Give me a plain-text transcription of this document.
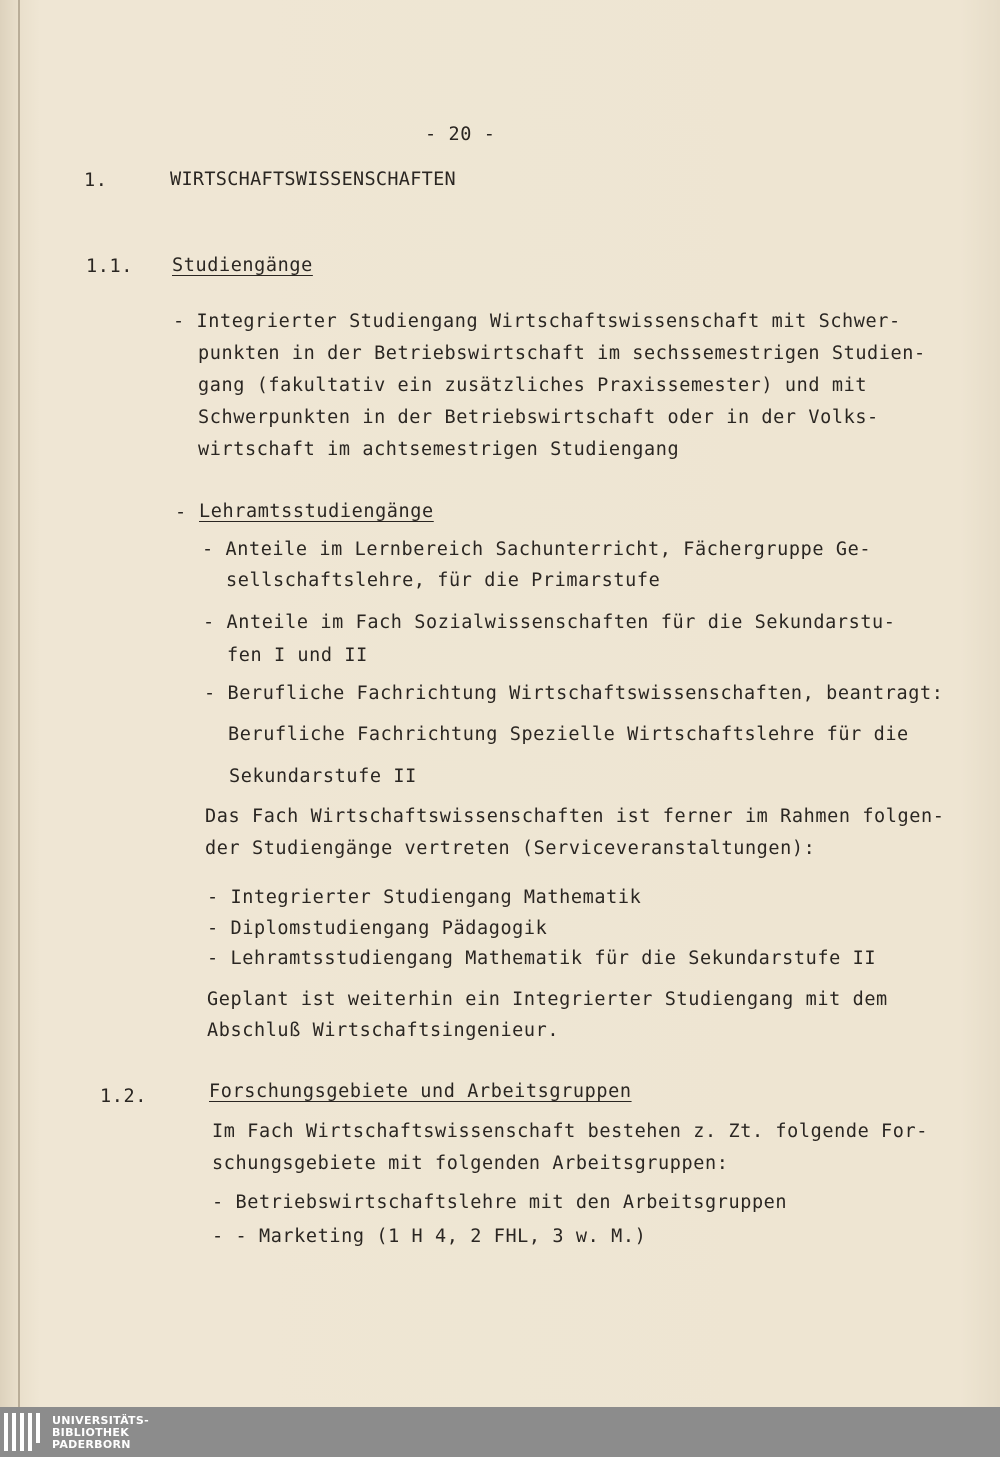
- 20 -
1.	WIRTSCHAFTSWISSENSCHAFTEN
1.1. Studiengänge
- Integrierter Studiengang Wirtschaftswissenschaft mit Schwer-
punkten in der Betriebswirtschaft im sechssemestrigen Studien-
gang (fakultativ ein zusätzliches Praxissemester) und mit
Schwerpunkten in der Betriebswirtschaft oder in der Volks-
wirtschaft im achtsemestrigen Studiengang
- Lehramtsstudiengänge
- Anteile im Lernbereich Sachunterricht, Fächergruppe Ge-
sellschaftslehre, für die Primarstufe
- Anteile im Fach Sozialwissenschaften für die Sekundarstu-
fen I und II
- Berufliche Fachrichtung Wirtschaftswissenschaften, beantragt:
Berufliche Fachrichtung Spezielle Wirtschaftslehre für die
Sekundarstufe II
Das Fach Wirtschaftswissenschaften ist ferner im Rahmen folgen-
der Studiengänge vertreten (Serviceveranstaltungen):
- Integrierter Studiengang Mathematik
- Diplomstudiengang Pädagogik
- Lehramtsstudiengang Mathematik für die Sekundarstufe II
Geplant ist weiterhin ein Integrierter Studiengang mit dem
Abschluß Wirtschaftsingenieur.
1.2.	Forschungsgebiete und Arbeitsgruppen
Im Fach Wirtschaftswissenschaft bestehen z. Zt. folgende For-
schungsgebiete mit folgenden Arbeitsgruppen:
- Betriebswirtschaftslehre mit den Arbeitsgruppen
- - Marketing (1 H 4, 2 FHL, 3 w. M.)
UNIVERSITÄTS-
BIBLIOTHEK
PADERBORN
